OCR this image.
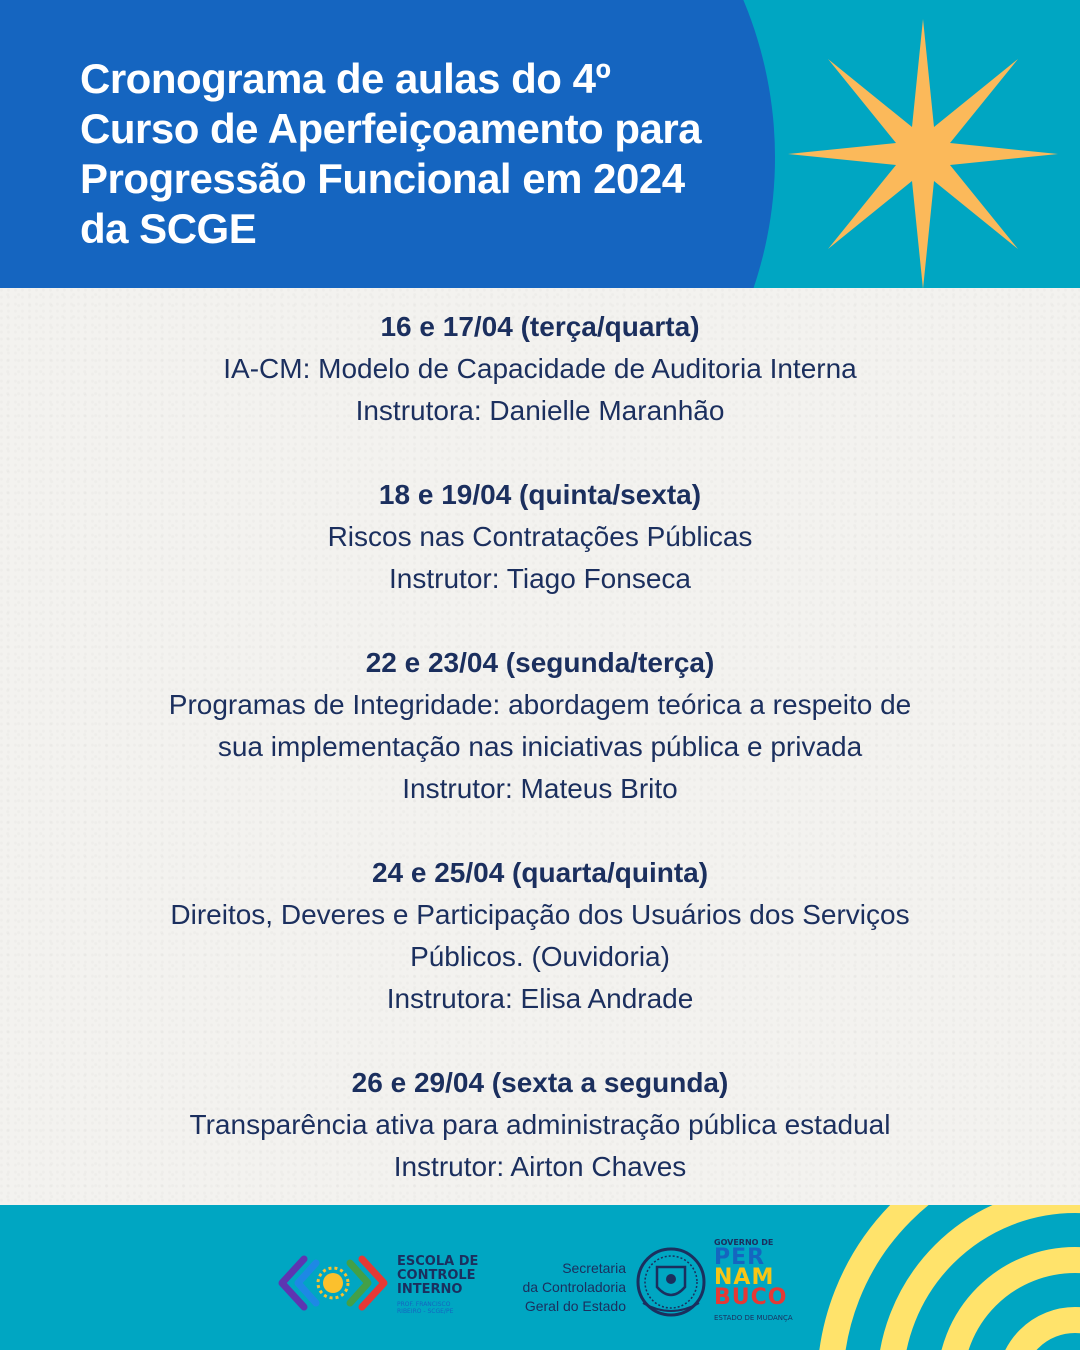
Cronograma de aulas do 4º
Curso de Aperfeiçoamento para
Progressão Funcional em 2024
da SCGE
16 e 17/04 (terça/quarta)
IA-CM: Modelo de Capacidade de Auditoria Interna
Instrutora: Danielle Maranhão
18 e 19/04 (quinta/sexta)
Riscos nas Contratações Públicas
Instrutor: Tiago Fonseca
22 e 23/04 (segunda/terça)
Programas de Integridade: abordagem teórica a respeito de
sua implementação nas iniciativas pública e privada
Instrutor: Mateus Brito
24 e 25/04 (quarta/quinta)
Direitos, Deveres e Participação dos Usuários dos Serviços
Públicos. (Ouvidoria)
Instrutora: Elisa Andrade
26 e 29/04 (sexta a segunda)
Transparência ativa para administração pública estadual
Instrutor: Airton Chaves
ESCOLA DE
CONTROLE
INTERNO
PROF. FRANCISCO
RIBEIRO - SCGE/PE
Secretaria
da Controladoria
Geral do Estado
GOVERNO DE
PER
NAM
BUCO
ESTADO DE MUDANÇA
